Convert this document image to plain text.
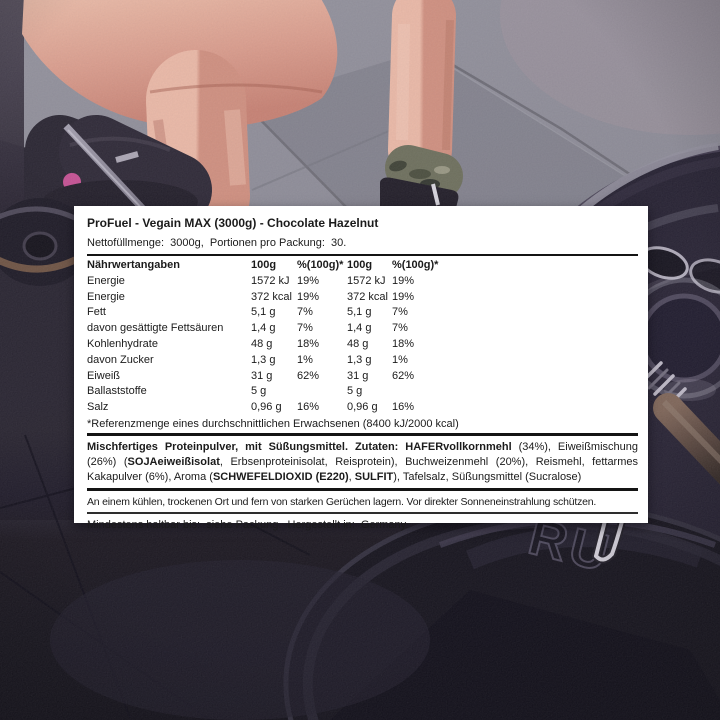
ProFuel - Vegain MAX (3000g) - Chocolate Hazelnut
Nettofüllmenge:  3000g,  Portionen pro Packung:  30.
Nährwertangaben	100g	%(100g)*	100g	%(100g)*
Energie	1572 kJ	19%	1572 kJ	19%
Energie	372 kcal	19%	372 kcal	19%
Fett	5,1 g	7%	5,1 g	7%
davon gesättigte Fettsäuren	1,4 g	7%	1,4 g	7%
Kohlenhydrate	48 g	18%	48 g	18%
davon Zucker	1,3 g	1%	1,3 g	1%
Eiweiß	31 g	62%	31 g	62%
Ballaststoffe	5 g		5 g	
Salz	0,96 g	16%	0,96 g	16%
*Referenzmenge eines durchschnittlichen Erwachsenen (8400 kJ/2000 kcal)

Mischfertiges Proteinpulver, mit Süßungsmittel. Zutaten: HAFERvollkornmehl (34%), Eiweißmischung (26%) (SOJAeiweißisolat, Erbsenproteinisolat, Reisprotein), Buchweizenmehl (20%), Reismehl, fettarmes Kakapulver (6%), Aroma (SCHWEFELDIOXID (E220), SULFIT), Tafelsalz, Süßungsmittel (Sucralose)

An einem kühlen, trockenen Ort und fern von starken Gerüchen lagern. Vor direkter Sonneneinstrahlung schützen.

Mindestens haltbar bis:  siehe Packung.  Hergestellt in:  Germany.
